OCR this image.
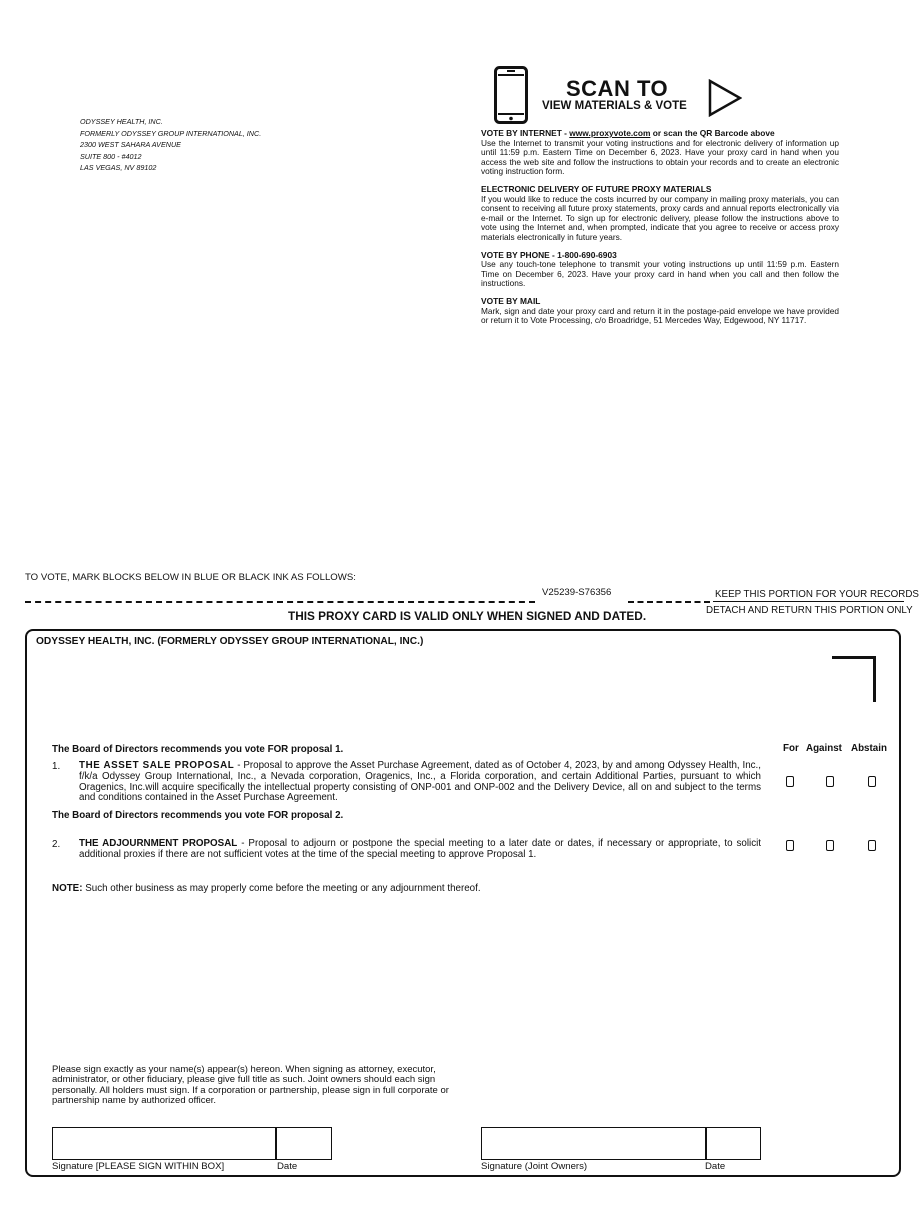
ODYSSEY HEALTH, INC.
FORMERLY ODYSSEY GROUP INTERNATIONAL, INC.
2300 WEST SAHARA AVENUE
SUITE 800 - #4012
LAS VEGAS, NV 89102
SCAN TO
VIEW MATERIALS & VOTE
VOTE BY INTERNET - www.proxyvote.com or scan the QR Barcode above

Use the Internet to transmit your voting instructions and for electronic delivery of information up until 11:59 p.m. Eastern Time on December 6, 2023. Have your proxy card in hand when you access the web site and follow the instructions to obtain your records and to create an electronic voting instruction form.

ELECTRONIC DELIVERY OF FUTURE PROXY MATERIALS

If you would like to reduce the costs incurred by our company in mailing proxy materials, you can consent to receiving all future proxy statements, proxy cards and annual reports electronically via e-mail or the Internet. To sign up for electronic delivery, please follow the instructions above to vote using the Internet and, when prompted, indicate that you agree to receive or access proxy materials electronically in future years.

VOTE BY PHONE - 1-800-690-6903

Use any touch-tone telephone to transmit your voting instructions up until 11:59 p.m. Eastern Time on December 6, 2023. Have your proxy card in hand when you call and then follow the instructions.

VOTE BY MAIL

Mark, sign and date your proxy card and return it in the postage-paid envelope we have provided or return it to Vote Processing, c/o Broadridge, 51 Mercedes Way, Edgewood, NY 11717.

TO VOTE, MARK BLOCKS BELOW IN BLUE OR BLACK INK AS FOLLOWS:
V25239-S76356	KEEP THIS PORTION FOR YOUR RECORDS
DETACH AND RETURN THIS PORTION ONLY
THIS PROXY CARD IS VALID ONLY WHEN SIGNED AND DATED.
ODYSSEY HEALTH, INC. (FORMERLY ODYSSEY GROUP INTERNATIONAL, INC.)
The Board of Directors recommends you vote FOR proposal 1.	For Against Abstain
1. THE ASSET SALE PROPOSAL - Proposal to approve the Asset Purchase Agreement, dated as of October 4, 2023, by and among Odyssey Health, Inc., f/k/a Odyssey Group International, Inc., a Nevada corporation, Oragenics, Inc., a Florida corporation, and certain Additional Parties, pursuant to which Oragenics, Inc.will acquire specifically the intellectual property consisting of ONP-001 and ONP-002 and the Delivery Device, all on and subject to the terms and conditions contained in the Asset Purchase Agreement.
The Board of Directors recommends you vote FOR proposal 2.
2. THE ADJOURNMENT PROPOSAL - Proposal to adjourn or postpone the special meeting to a later date or dates, if necessary or appropriate, to solicit additional proxies if there are not sufficient votes at the time of the special meeting to approve Proposal 1.
NOTE: Such other business as may properly come before the meeting or any adjournment thereof.
Please sign exactly as your name(s) appear(s) hereon. When signing as attorney, executor, administrator, or other fiduciary, please give full title as such. Joint owners should each sign personally. All holders must sign. If a corporation or partnership, please sign in full corporate or partnership name by authorized officer.
Signature [PLEASE SIGN WITHIN BOX]	Date	Signature (Joint Owners)	Date
